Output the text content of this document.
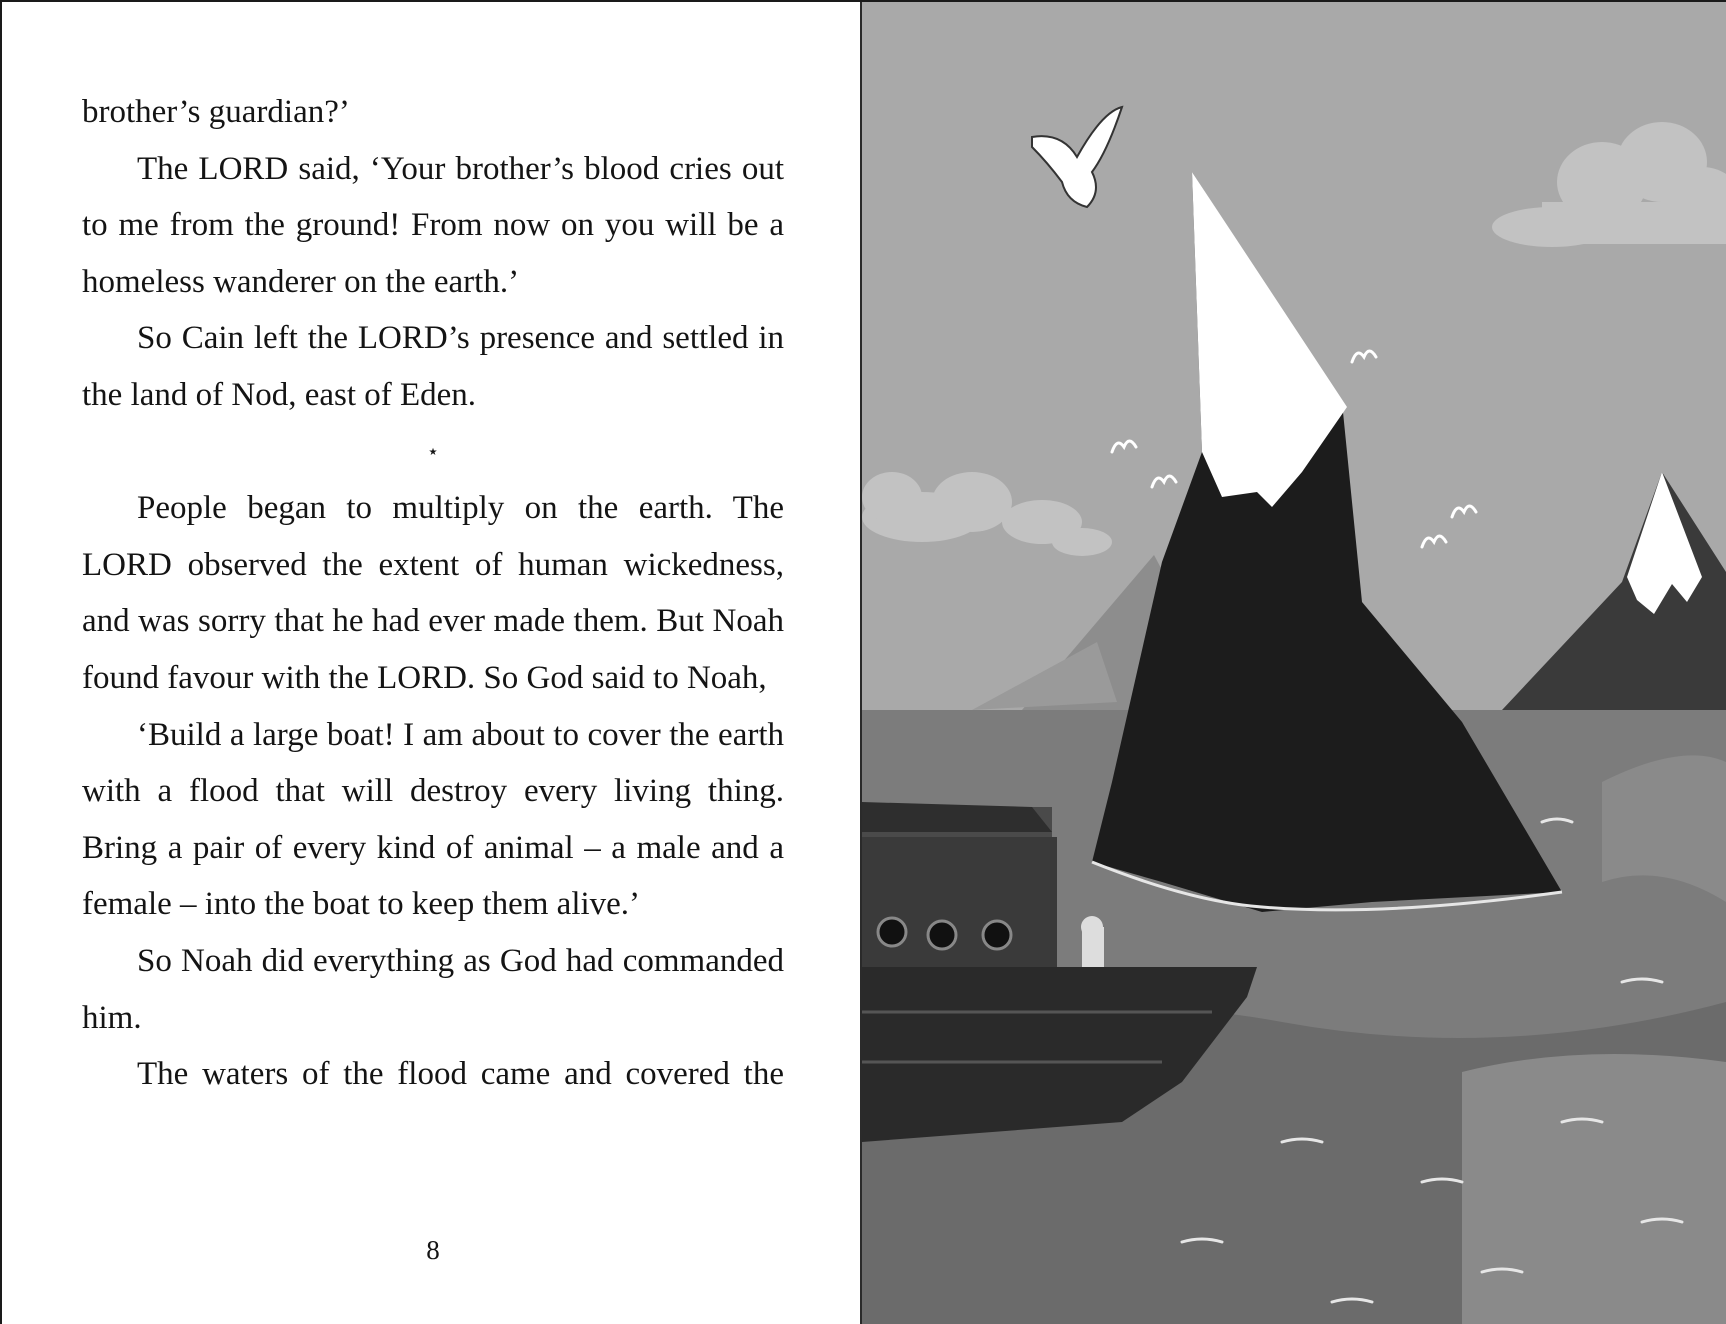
brother’s guardian?’

The LORD said, ‘Your brother’s blood cries out to me from the ground! From now on you will be a homeless wanderer on the earth.’

So Cain left the LORD’s presence and settled in the land of Nod, east of Eden.

⋆

People began to multiply on the earth. The LORD observed the extent of human wickedness, and was sorry that he had ever made them. But Noah found favour with the LORD. So God said to Noah,

‘Build a large boat! I am about to cover the earth with a flood that will destroy every living thing. Bring a pair of every kind of animal – a male and a female – into the boat to keep them alive.’

So Noah did everything as God had commanded him.

The waters of the flood came and covered the

8
